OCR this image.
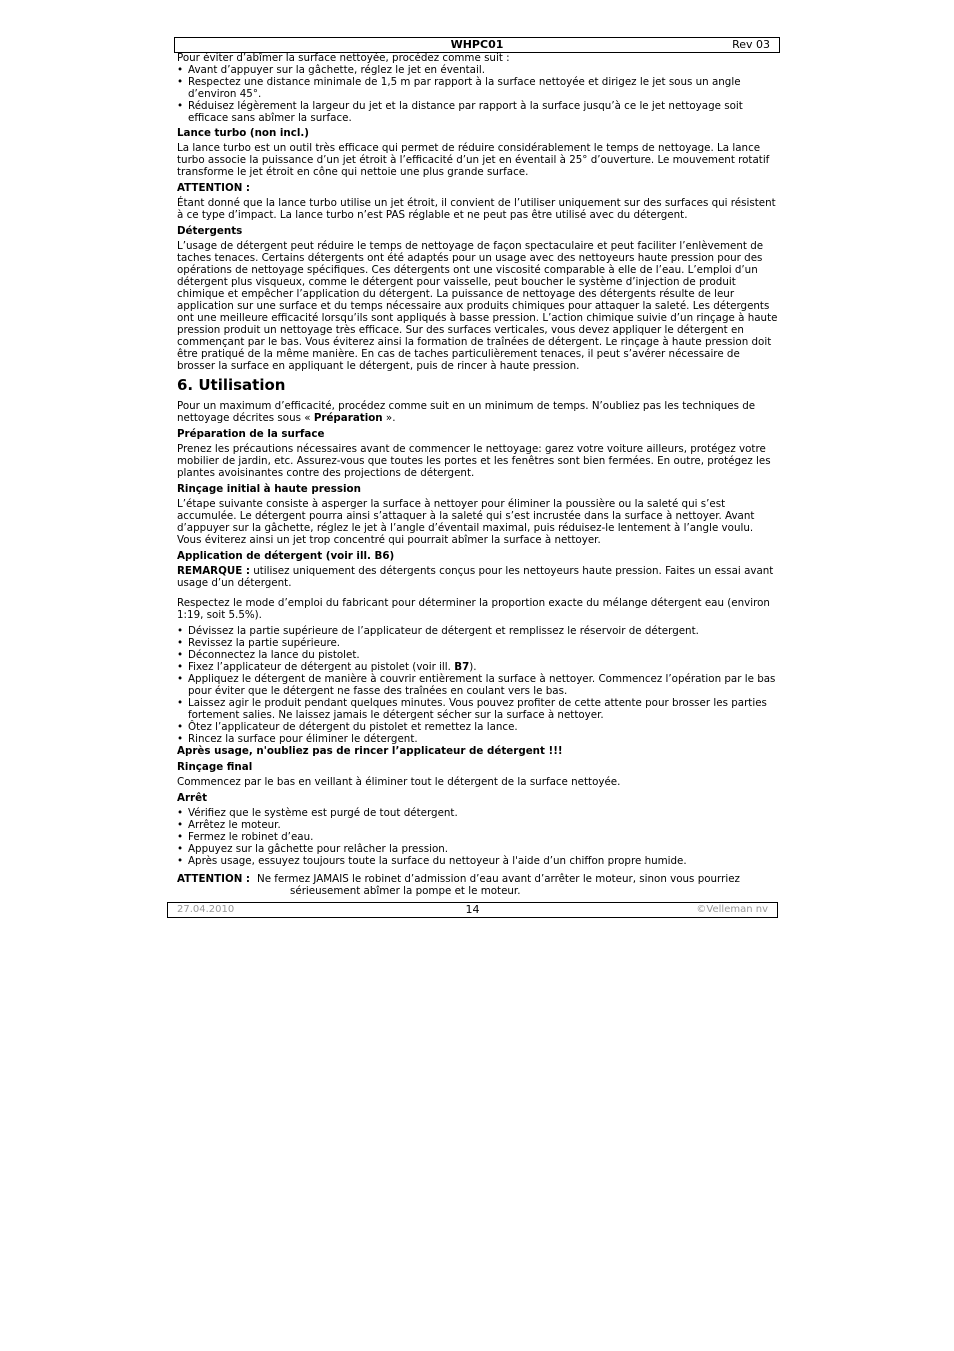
WHPC01	Rev 03

Pour éviter d’abîmer la surface nettoyée, procédez comme suit :

• Avant d’appuyer sur la gâchette, réglez le jet en éventail.
• Respectez une distance minimale de 1,5 m par rapport à la surface nettoyée et dirigez le jet sous un angle d’environ 45°.
• Réduisez légèrement la largeur du jet et la distance par rapport à la surface jusqu’à ce le jet nettoyage soit efficace sans abîmer la surface.
Lance turbo (non incl.)

La lance turbo est un outil très efficace qui permet de réduire considérablement le temps de nettoyage. La lance turbo associe la puissance d’un jet étroit à l’efficacité d’un jet en éventail à 25° d’ouverture. Le mouvement rotatif transforme le jet étroit en cône qui nettoie une plus grande surface.

ATTENTION :

Étant donné que la lance turbo utilise un jet étroit, il convient de l’utiliser uniquement sur des surfaces qui résistent à ce type d’impact. La lance turbo n’est PAS réglable et ne peut pas être utilisé avec du détergent.

Détergents

L’usage de détergent peut réduire le temps de nettoyage de façon spectaculaire et peut faciliter l’enlèvement de taches tenaces. Certains détergents ont été adaptés pour un usage avec des nettoyeurs haute pression pour des opérations de nettoyage spécifiques. Ces détergents ont une viscosité comparable à elle de l’eau. L’emploi d’un détergent plus visqueux, comme le détergent pour vaisselle, peut boucher le système d’injection de produit chimique et empêcher l’application du détergent. La puissance de nettoyage des détergents résulte de leur application sur une surface et du temps nécessaire aux produits chimiques pour attaquer la saleté. Les détergents ont une meilleure efficacité lorsqu’ils sont appliqués à basse pression. L’action chimique suivie d’un rinçage à haute pression produit un nettoyage très efficace. Sur des surfaces verticales, vous devez appliquer le détergent en commençant par le bas. Vous éviterez ainsi la formation de traînées de détergent. Le rinçage à haute pression doit être pratiqué de la même manière. En cas de taches particulièrement tenaces, il peut s’avérer nécessaire de brosser la surface en appliquant le détergent, puis de rincer à haute pression.

6. Utilisation

Pour un maximum d’efficacité, procédez comme suit en un minimum de temps. N’oubliez pas les techniques de nettoyage décrites sous « Préparation ».

Préparation de la surface

Prenez les précautions nécessaires avant de commencer le nettoyage: garez votre voiture ailleurs, protégez votre mobilier de jardin, etc. Assurez-vous que toutes les portes et les fenêtres sont bien fermées. En outre, protégez les plantes avoisinantes contre des projections de détergent.

Rinçage initial à haute pression

L’étape suivante consiste à asperger la surface à nettoyer pour éliminer la poussière ou la saleté qui s’est accumulée. Le détergent pourra ainsi s’attaquer à la saleté qui s’est incrustée dans la surface à nettoyer. Avant d’appuyer sur la gâchette, réglez le jet à l’angle d’éventail maximal, puis réduisez-le lentement à l’angle voulu. Vous éviterez ainsi un jet trop concentré qui pourrait abîmer la surface à nettoyer.

Application de détergent (voir ill. B6)

REMARQUE : utilisez uniquement des détergents conçus pour les nettoyeurs haute pression. Faites un essai avant usage d’un détergent.

Respectez le mode d’emploi du fabricant pour déterminer la proportion exacte du mélange détergent eau (environ 1:19, soit 5.5%).

• Dévissez la partie supérieure de l’applicateur de détergent et remplissez le réservoir de détergent.
• Revissez la partie supérieure.
• Déconnectez la lance du pistolet.
• Fixez l’applicateur de détergent au pistolet (voir ill. B7).
• Appliquez le détergent de manière à couvrir entièrement la surface à nettoyer. Commencez l’opération par le bas pour éviter que le détergent ne fasse des traînées en coulant vers le bas.
• Laissez agir le produit pendant quelques minutes. Vous pouvez profiter de cette attente pour brosser les parties fortement salies. Ne laissez jamais le détergent sécher sur la surface à nettoyer.
• Ôtez l’applicateur de détergent du pistolet et remettez la lance.
• Rincez la surface pour éliminer le détergent.
Après usage, n'oubliez pas de rincer l’applicateur de détergent !!!
Rinçage final

Commencez par le bas en veillant à éliminer tout le détergent de la surface nettoyée.

Arrêt
• Vérifiez que le système est purgé de tout détergent.
• Arrêtez le moteur.
• Fermez le robinet d’eau.
• Appuyez sur la gâchette pour relâcher la pression.
• Après usage, essuyez toujours toute la surface du nettoyeur à l'aide d’un chiffon propre humide.
ATTENTION : Ne fermez JAMAIS le robinet d’admission d’eau avant d’arrêter le moteur, sinon vous pourriez
sérieusement abîmer la pompe et le moteur.
27.04.2010	14	©Velleman nv
